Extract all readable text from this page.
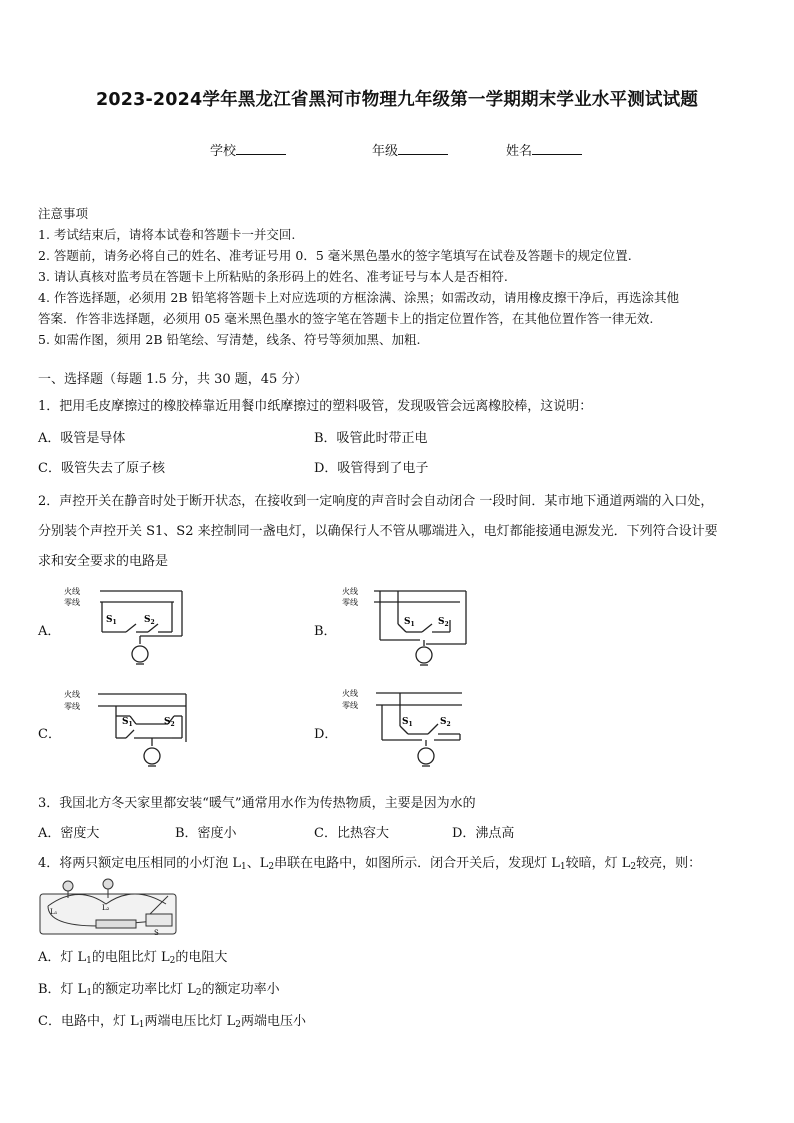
2023-2024学年黑龙江省黑河市物理九年级第一学期期末学业水平测试试题
学校	年级	姓名
注意事项
1. 考试结束后，请将本试卷和答题卡一并交回.
2. 答题前，请务必将自己的姓名、准考证号用 0．5 毫米黑色墨水的签字笔填写在试卷及答题卡的规定位置.
3. 请认真核对监考员在答题卡上所粘贴的条形码上的姓名、准考证号与本人是否相符.
4. 作答选择题，必须用 2B 铅笔将答题卡上对应选项的方框涂满、涂黑；如需改动，请用橡皮擦干净后，再选涂其他
答案．作答非选择题，必须用 05 毫米黑色墨水的签字笔在答题卡上的指定位置作答，在其他位置作答一律无效.
5. 如需作图，须用 2B 铅笔绘、写清楚，线条、符号等须加黑、加粗.
一、选择题（每题 1.5 分，共 30 题，45 分）
1．把用毛皮摩擦过的橡胶棒靠近用餐巾纸摩擦过的塑料吸管，发现吸管会远离橡胶棒，这说明：
A．吸管是导体	B．吸管此时带正电
C．吸管失去了原子核	D．吸管得到了电子
2．声控开关在静音时处于断开状态，在接收到一定响度的声音时会自动闭合 一段时间．某市地下通道两端的入口处，
分别装个声控开关 S1、S2 来控制同一盏电灯，以确保行人不管从哪端进入，电灯都能接通电源发光．下列符合设计要
求和安全要求的电路是
A．	B．
C．	D．
火线
零线
$S_1$	$S_2$
火线
零线
$S_1$	$S_2$
火线
零线
$S_1$	$S_2$
火线
零线
$S_1$	$S_2$
3．我国北方冬天家里都安装“暖气”通常用水作为传热物质，主要是因为水的
A．密度大	B．密度小	C．比热容大	D．沸点高
4．将两只额定电压相同的小灯泡 $L_1$、$L_2$串联在电路中，如图所示．闭合开关后，发现灯 $L_1$较暗，灯 $L_2$较亮，则：
L₁	L₂
S
A．灯 $L_1$的电阻比灯 $L_2$的电阻大
B．灯 $L_1$的额定功率比灯 $L_2$的额定功率小
C．电路中，灯 $L_1$两端电压比灯 $L_2$两端电压小
